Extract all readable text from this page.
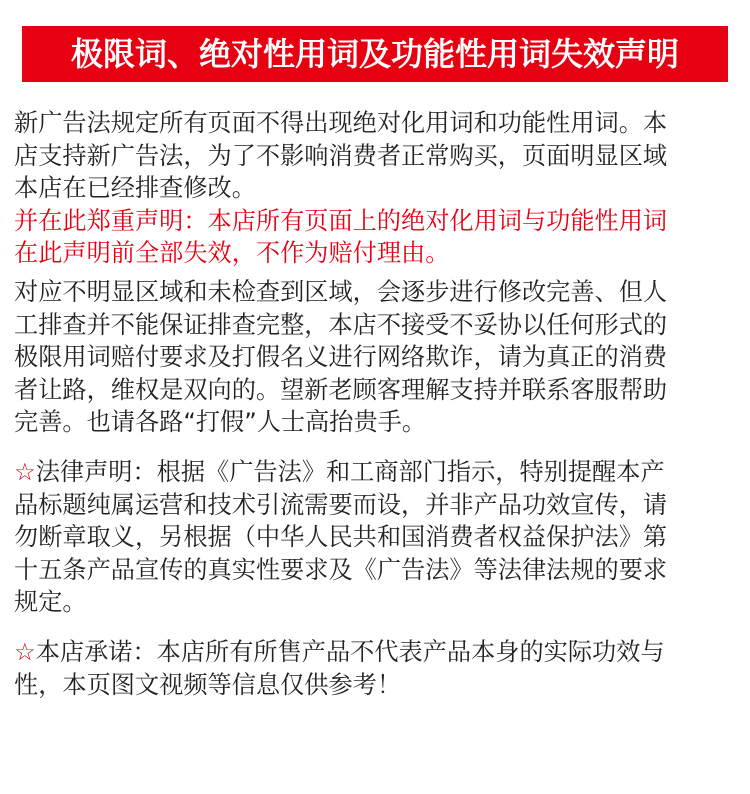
极限词、绝对性用词及功能性用词失效声明
新广告法规定所有页面不得出现绝对化用词和功能性用词。本
店支持新广告法，为了不影响消费者正常购买，页面明显区域
本店在已经排查修改。
并在此郑重声明：本店所有页面上的绝对化用词与功能性用词
在此声明前全部失效，不作为赔付理由。
对应不明显区域和未检查到区域，会逐步进行修改完善、但人
工排查并不能保证排查完整，本店不接受不妥协以任何形式的
极限用词赔付要求及打假名义进行网络欺诈，请为真正的消费
者让路，维权是双向的。望新老顾客理解支持并联系客服帮助
完善。也请各路“打假”人士高抬贵手。
☆法律声明：根据《广告法》和工商部门指示，特别提醒本产
品标题纯属运营和技术引流需要而设，并非产品功效宣传，请
勿断章取义，另根据（中华人民共和国消费者权益保护法》第
十五条产品宣传的真实性要求及《广告法》等法律法规的要求
规定。
☆本店承诺：本店所有所售产品不代表产品本身的实际功效与
性，本页图文视频等信息仅供参考！
